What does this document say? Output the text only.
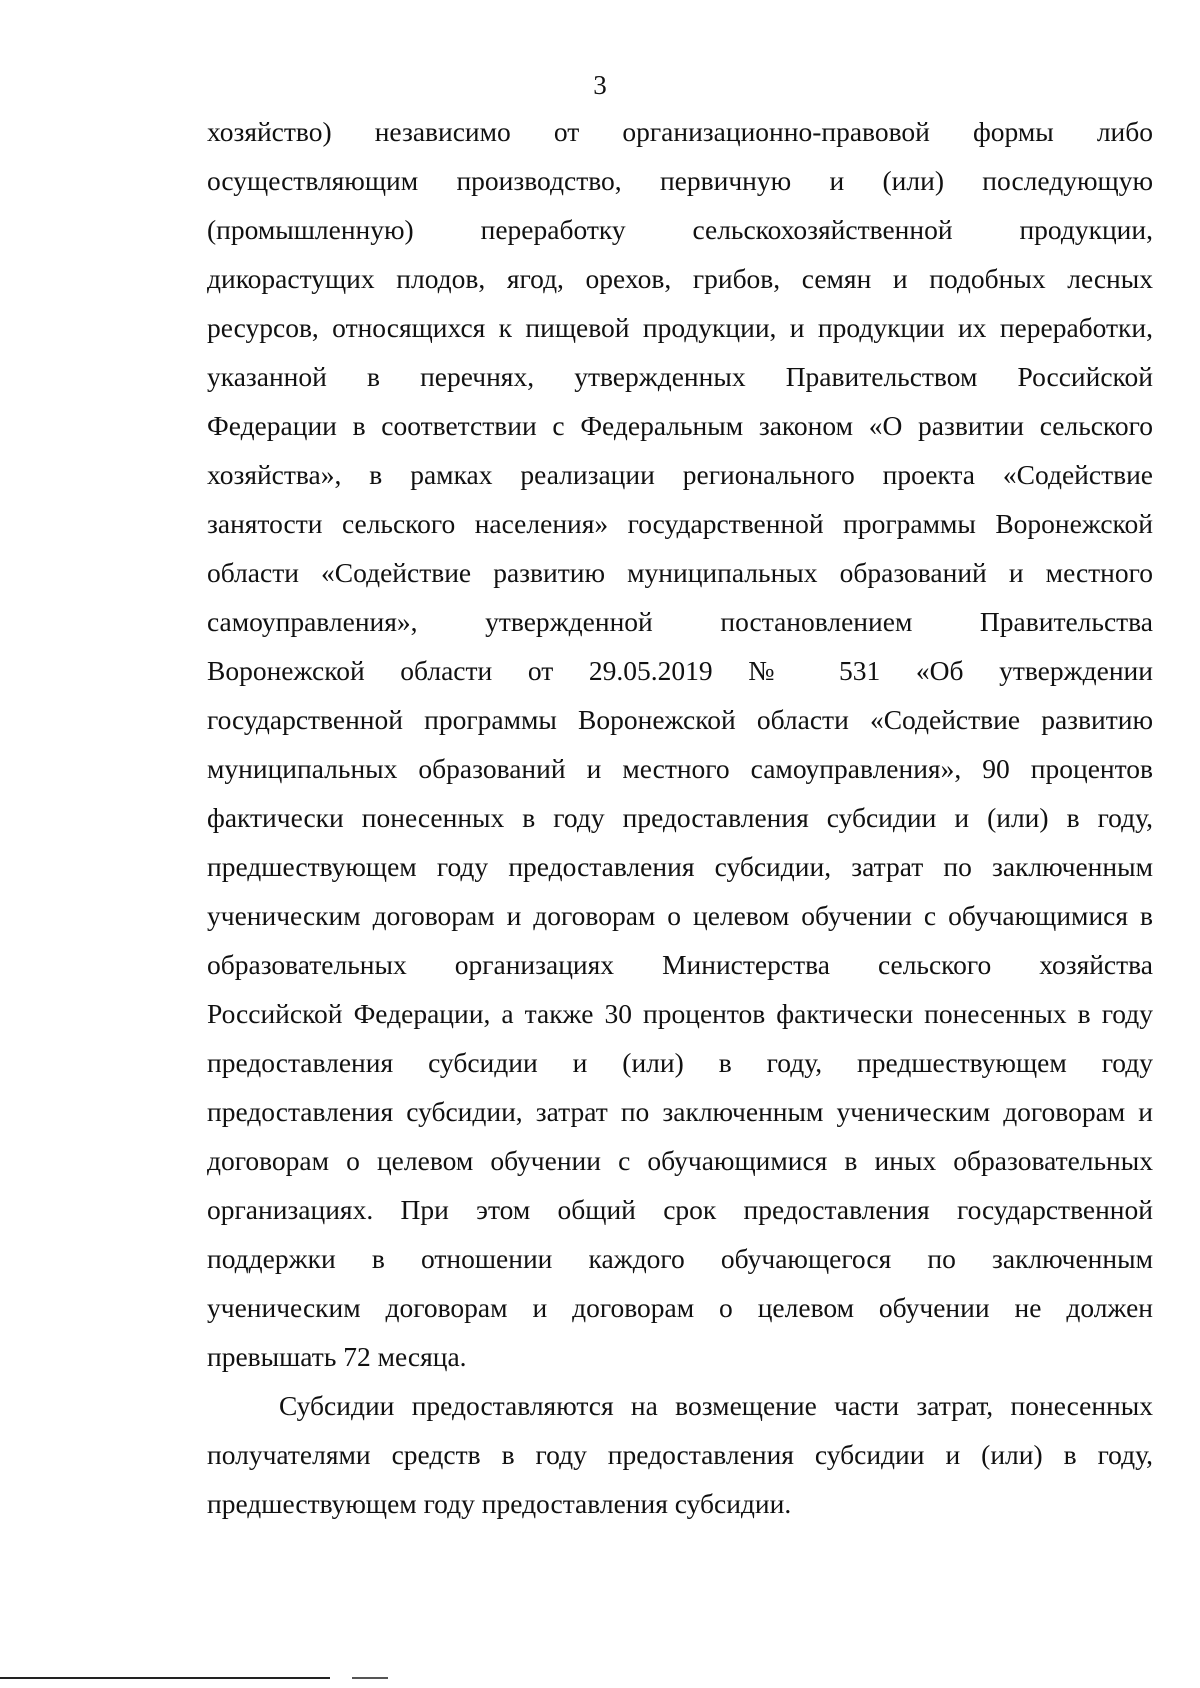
3
хозяйство) независимо от организационно-правовой формы либо
осуществляющим производство, первичную и (или) последующую
(промышленную) переработку сельскохозяйственной продукции,
дикорастущих плодов, ягод, орехов, грибов, семян и подобных лесных
ресурсов, относящихся к пищевой продукции, и продукции их переработки,
указанной в перечнях, утвержденных Правительством Российской
Федерации в соответствии с Федеральным законом «О развитии сельского
хозяйства», в рамках реализации регионального проекта «Содействие
занятости сельского населения» государственной программы Воронежской
области «Содействие развитию муниципальных образований и местного
самоуправления», утвержденной постановлением Правительства
Воронежской области от 29.05.2019 № 531 «Об утверждении
государственной программы Воронежской области «Содействие развитию
муниципальных образований и местного самоуправления», 90 процентов
фактически понесенных в году предоставления субсидии и (или) в году,
предшествующем году предоставления субсидии, затрат по заключенным
ученическим договорам и договорам о целевом обучении с обучающимися в
образовательных организациях Министерства сельского хозяйства
Российской Федерации, а также 30 процентов фактически понесенных в году
предоставления субсидии и (или) в году, предшествующем году
предоставления субсидии, затрат по заключенным ученическим договорам и
договорам о целевом обучении с обучающимися в иных образовательных
организациях. При этом общий срок предоставления государственной
поддержки в отношении каждого обучающегося по заключенным
ученическим договорам и договорам о целевом обучении не должен
превышать 72 месяца.
Субсидии предоставляются на возмещение части затрат, понесенных
получателями средств в году предоставления субсидии и (или) в году,
предшествующем году предоставления субсидии.
